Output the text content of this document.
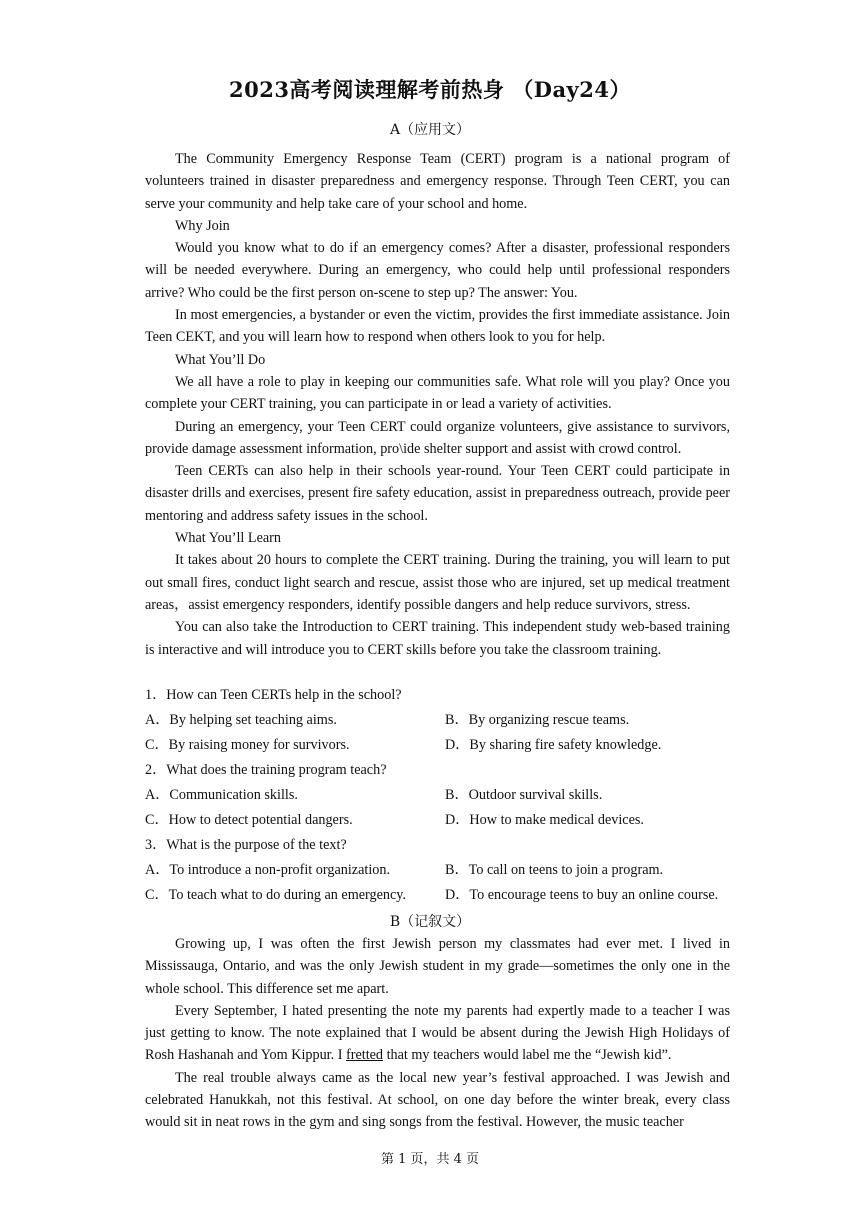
2023高考阅读理解考前热身 （Day24）
A（应用文）

The Community Emergency Response Team (CERT) program is a national program of volunteers trained in disaster preparedness and emergency response. Through Teen CERT, you can serve your community and help take care of your school and home.

Why Join

Would you know what to do if an emergency comes? After a disaster, professional responders will be needed everywhere. During an emergency, who could help until professional responders arrive? Who could be the first person on-scene to step up? The answer: You.

In most emergencies, a bystander or even the victim, provides the first immediate assistance. Join Teen CEKT, and you will learn how to respond when others look to you for help.

What You’ll Do

We all have a role to play in keeping our communities safe. What role will you play? Once you complete your CERT training, you can participate in or lead a variety of activities.

During an emergency, your Teen CERT could organize volunteers, give assistance to survivors, provide damage assessment information, pro\ide shelter support and assist with crowd control.

Teen CERTs can also help in their schools year-round. Your Teen CERT could participate in disaster drills and exercises, present fire safety education, assist in preparedness outreach, provide peer mentoring and address safety issues in the school.

What You’ll Learn

It takes about 20 hours to complete the CERT training. During the training, you will learn to put out small fires, conduct light search and rescue, assist those who are injured, set up medical treatment areas，assist emergency responders, identify possible dangers and help reduce survivors, stress.

You can also take the Introduction to CERT training. This independent study web-based training is interactive and will introduce you to CERT skills before you take the classroom training.

1．How can Teen CERTs help in the school?

A．By helping set teaching aims.	B．By organizing rescue teams.
C．By raising money for survivors.	D．By sharing fire safety knowledge.

2．What does the training program teach?

A．Communication skills.	B．Outdoor survival skills.
C．How to detect potential dangers.	D．How to make medical devices.

3．What is the purpose of the text?

A．To introduce a non-profit organization.	B．To call on teens to join a program.
C．To teach what to do during an emergency.	D．To encourage teens to buy an online course.
B（记叙文）

Growing up, I was often the first Jewish person my classmates had ever met. I lived in Mississauga, Ontario, and was the only Jewish student in my grade—sometimes the only one in the whole school. This difference set me apart.

Every September, I hated presenting the note my parents had expertly made to a teacher I was just getting to know. The note explained that I would be absent during the Jewish High Holidays of Rosh Hashanah and Yom Kippur. I fretted that my teachers would label me the “Jewish kid”.

The real trouble always came as the local new year’s festival approached. I was Jewish and celebrated Hanukkah, not this festival. At school, on one day before the winter break, every class would sit in neat rows in the gym and sing songs from the festival. However, the music teacher

第 1 页，共 4 页
